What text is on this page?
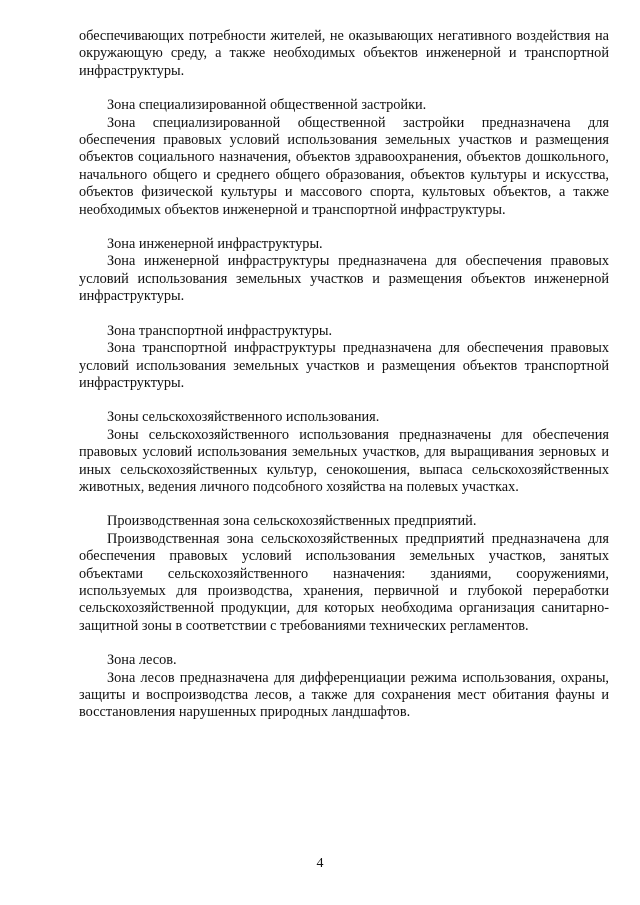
обеспечивающих потребности жителей, не оказывающих негативного воздействия на окружающую среду, а также необходимых объектов инженерной и транспортной инфраструктуры.

Зона специализированной общественной застройки.

Зона специализированной общественной застройки предназначена для обеспечения правовых условий использования земельных участков и размещения объектов социального назначения, объектов здравоохранения, объектов дошкольного, начального общего и среднего общего образования, объектов культуры и искусства, объектов физической культуры и массового спорта, культовых объектов, а также необходимых объектов инженерной и транспортной инфраструктуры.

Зона инженерной инфраструктуры.

Зона инженерной инфраструктуры предназначена для обеспечения правовых условий использования земельных участков и размещения объектов инженерной инфраструктуры.

Зона транспортной инфраструктуры.

Зона транспортной инфраструктуры предназначена для обеспечения правовых условий использования земельных участков и размещения объектов транспортной инфраструктуры.

Зоны сельскохозяйственного использования.

Зоны сельскохозяйственного использования предназначены для обеспечения правовых условий использования земельных участков, для выращивания зерновых и иных сельскохозяйственных культур, сенокошения, выпаса сельскохозяйственных животных, ведения личного подсобного хозяйства на полевых участках.

Производственная зона сельскохозяйственных предприятий.

Производственная зона сельскохозяйственных предприятий предназначена для обеспечения правовых условий использования земельных участков, занятых объектами сельскохозяйственного назначения: зданиями, сооружениями, используемых для производства, хранения, первичной и глубокой переработки сельскохозяйственной продукции, для которых необходима организация санитарно-защитной зоны в соответствии с требованиями технических регламентов.

Зона лесов.

Зона лесов предназначена для дифференциации режима использования, охраны, защиты и воспроизводства лесов, а также для сохранения мест обитания фауны и восстановления нарушенных природных ландшафтов.

4
